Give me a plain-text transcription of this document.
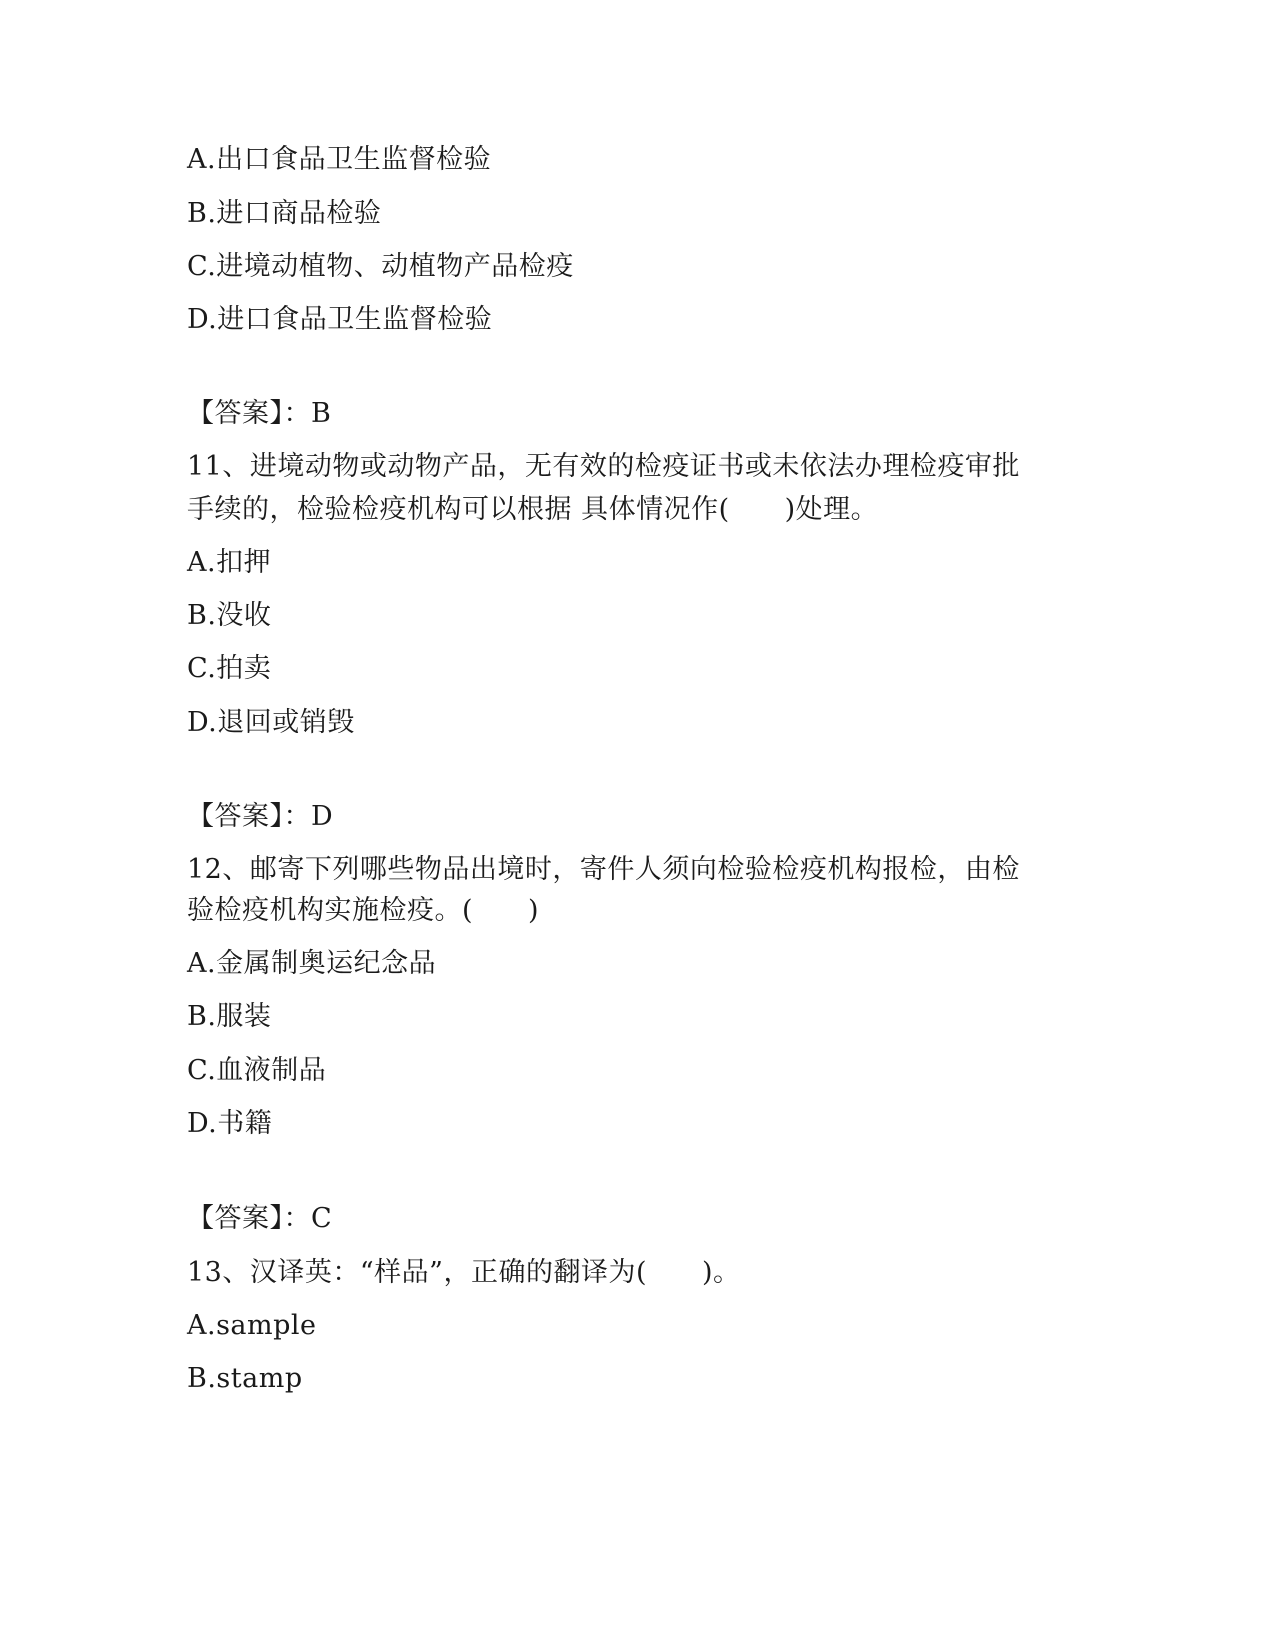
A.出口食品卫生监督检验
B.进口商品检验
C.进境动植物、动植物产品检疫
D.进口食品卫生监督检验
【答案】：B
11、进境动物或动物产品，无有效的检疫证书或未依法办理检疫审批
手续的，检验检疫机构可以根据 具体情况作(　　)处理。
A.扣押
B.没收
C.拍卖
D.退回或销毁
【答案】：D
12、邮寄下列哪些物品出境时，寄件人须向检验检疫机构报检，由检
验检疫机构实施检疫。(　　)
A.金属制奥运纪念品
B.服装
C.血液制品
D.书籍
【答案】：C
13、汉译英：“样品”，正确的翻译为(　　)。
A.sample
B.stamp
